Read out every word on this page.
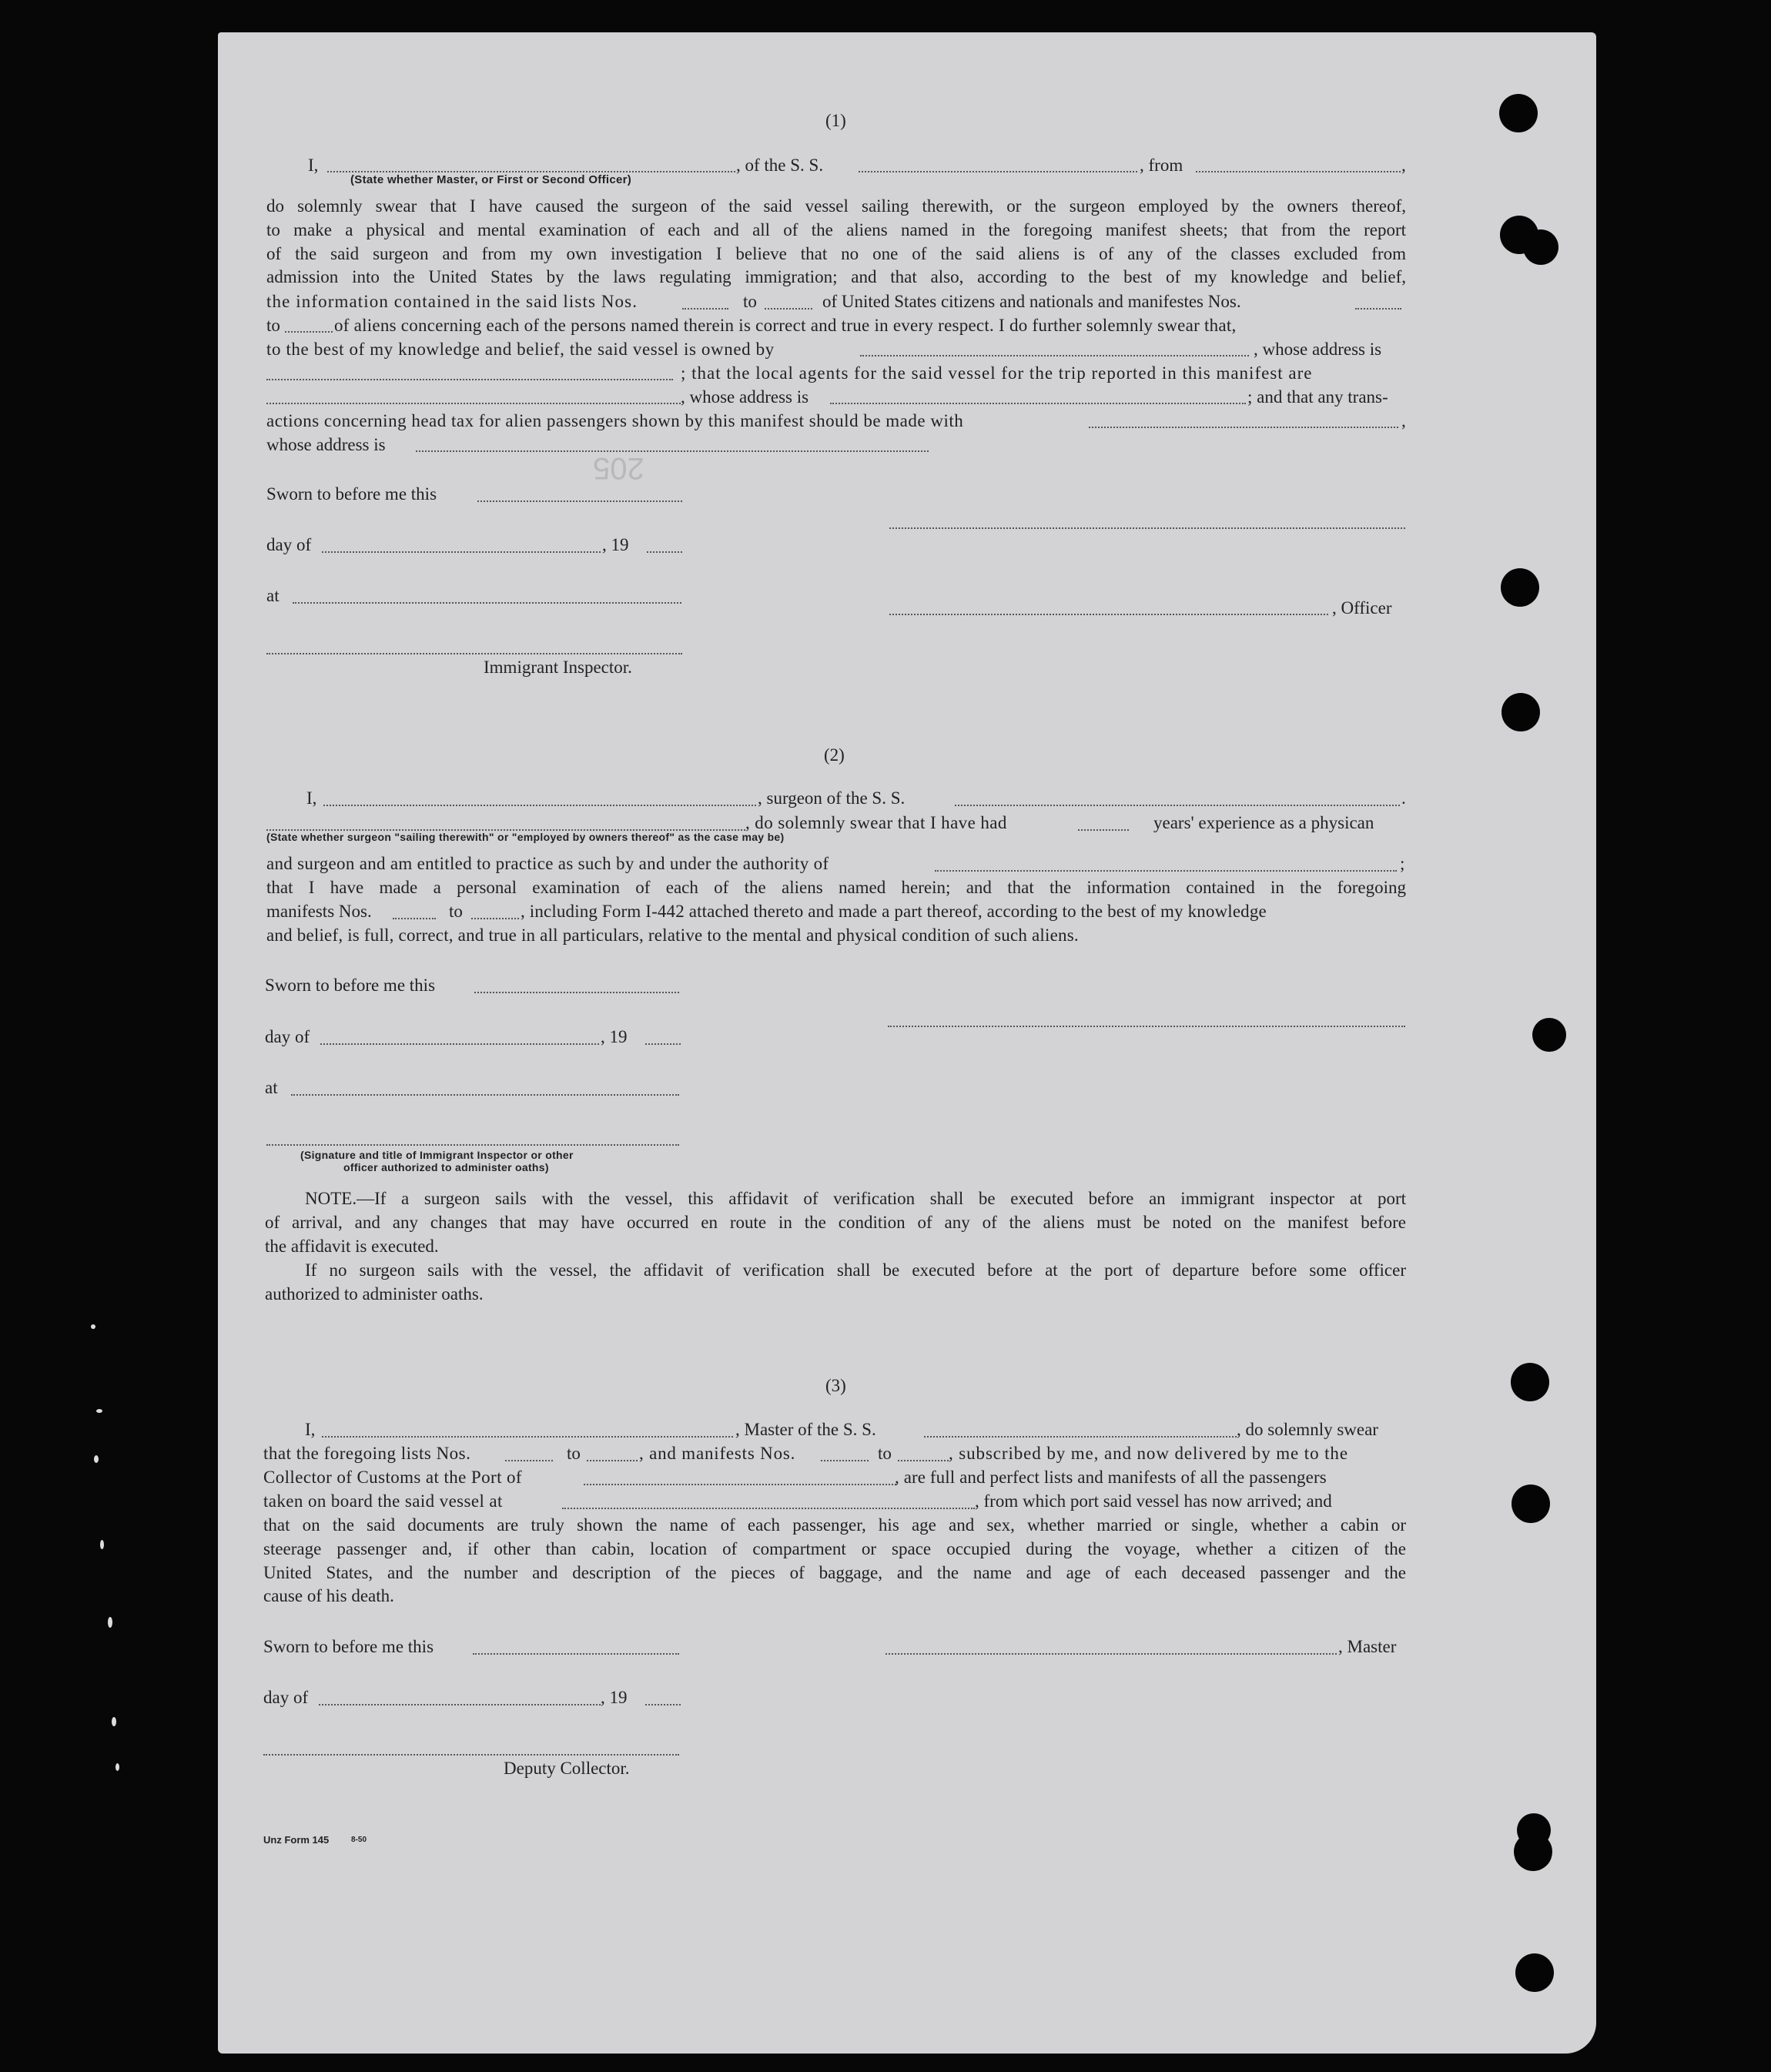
205
(1)
I,	, of the S. S.	, from	,
(State whether Master, or First or Second Officer)
do solemnly swear that I have caused the surgeon of the said vessel sailing therewith, or the surgeon employed by the owners thereof,
to make a physical and mental examination of each and all of the aliens named in the foregoing manifest sheets; that from the report
of the said surgeon and from my own investigation I believe that no one of the said aliens is of any of the classes excluded from
admission into the United States by the laws regulating immigration; and that also, according to the best of my knowledge and belief,
the information contained in the said lists Nos.	to	of United States citizens and nationals and manifestes Nos.
to	of aliens concerning each of the persons named therein is correct and true in every respect. I do further solemnly swear that,
to the best of my knowledge and belief, the said vessel is owned by	, whose address is
; that the local agents for the said vessel for the trip reported in this manifest are
, whose address is	; and that any trans-
actions concerning head tax for alien passengers shown by this manifest should be made with	,
whose address is
Sworn to before me this
day of	, 19
at
, Officer
Immigrant Inspector.
(2)
I,	, surgeon of the S. S.	.
, do solemnly swear that I have had	years' experience as a physican
(State whether surgeon "sailing therewith" or "employed by owners thereof" as the case may be)
and surgeon and am entitled to practice as such by and under the authority of	;
that I have made a personal examination of each of the aliens named herein; and that the information contained in the foregoing
manifests Nos.	to	, including Form I-442 attached thereto and made a part thereof, according to the best of my knowledge
and belief, is full, correct, and true in all particulars, relative to the mental and physical condition of such aliens.
Sworn to before me this
day of	, 19
at
(Signature and title of Immigrant Inspector or other
officer authorized to administer oaths)
NOTE.—If a surgeon sails with the vessel, this affidavit of verification shall be executed before an immigrant inspector at port
of arrival, and any changes that may have occurred en route in the condition of any of the aliens must be noted on the manifest before
the affidavit is executed.
If no surgeon sails with the vessel, the affidavit of verification shall be executed before at the port of departure before some officer
authorized to administer oaths.
(3)
I,	, Master of the S. S.	, do solemnly swear
that the foregoing lists Nos.	to	, and manifests Nos.	to	, subscribed by me, and now delivered by me to the
Collector of Customs at the Port of	, are full and perfect lists and manifests of all the passengers
taken on board the said vessel at	, from which port said vessel has now arrived; and
that on the said documents are truly shown the name of each passenger, his age and sex, whether married or single, whether a cabin or
steerage passenger and, if other than cabin, location of compartment or space occupied during the voyage, whether a citizen of the
United States, and the number and description of the pieces of baggage, and the name and age of each deceased passenger and the
cause of his death.
Sworn to before me this	, Master
day of	, 19
Deputy Collector.
Unz Form 145	8-50
